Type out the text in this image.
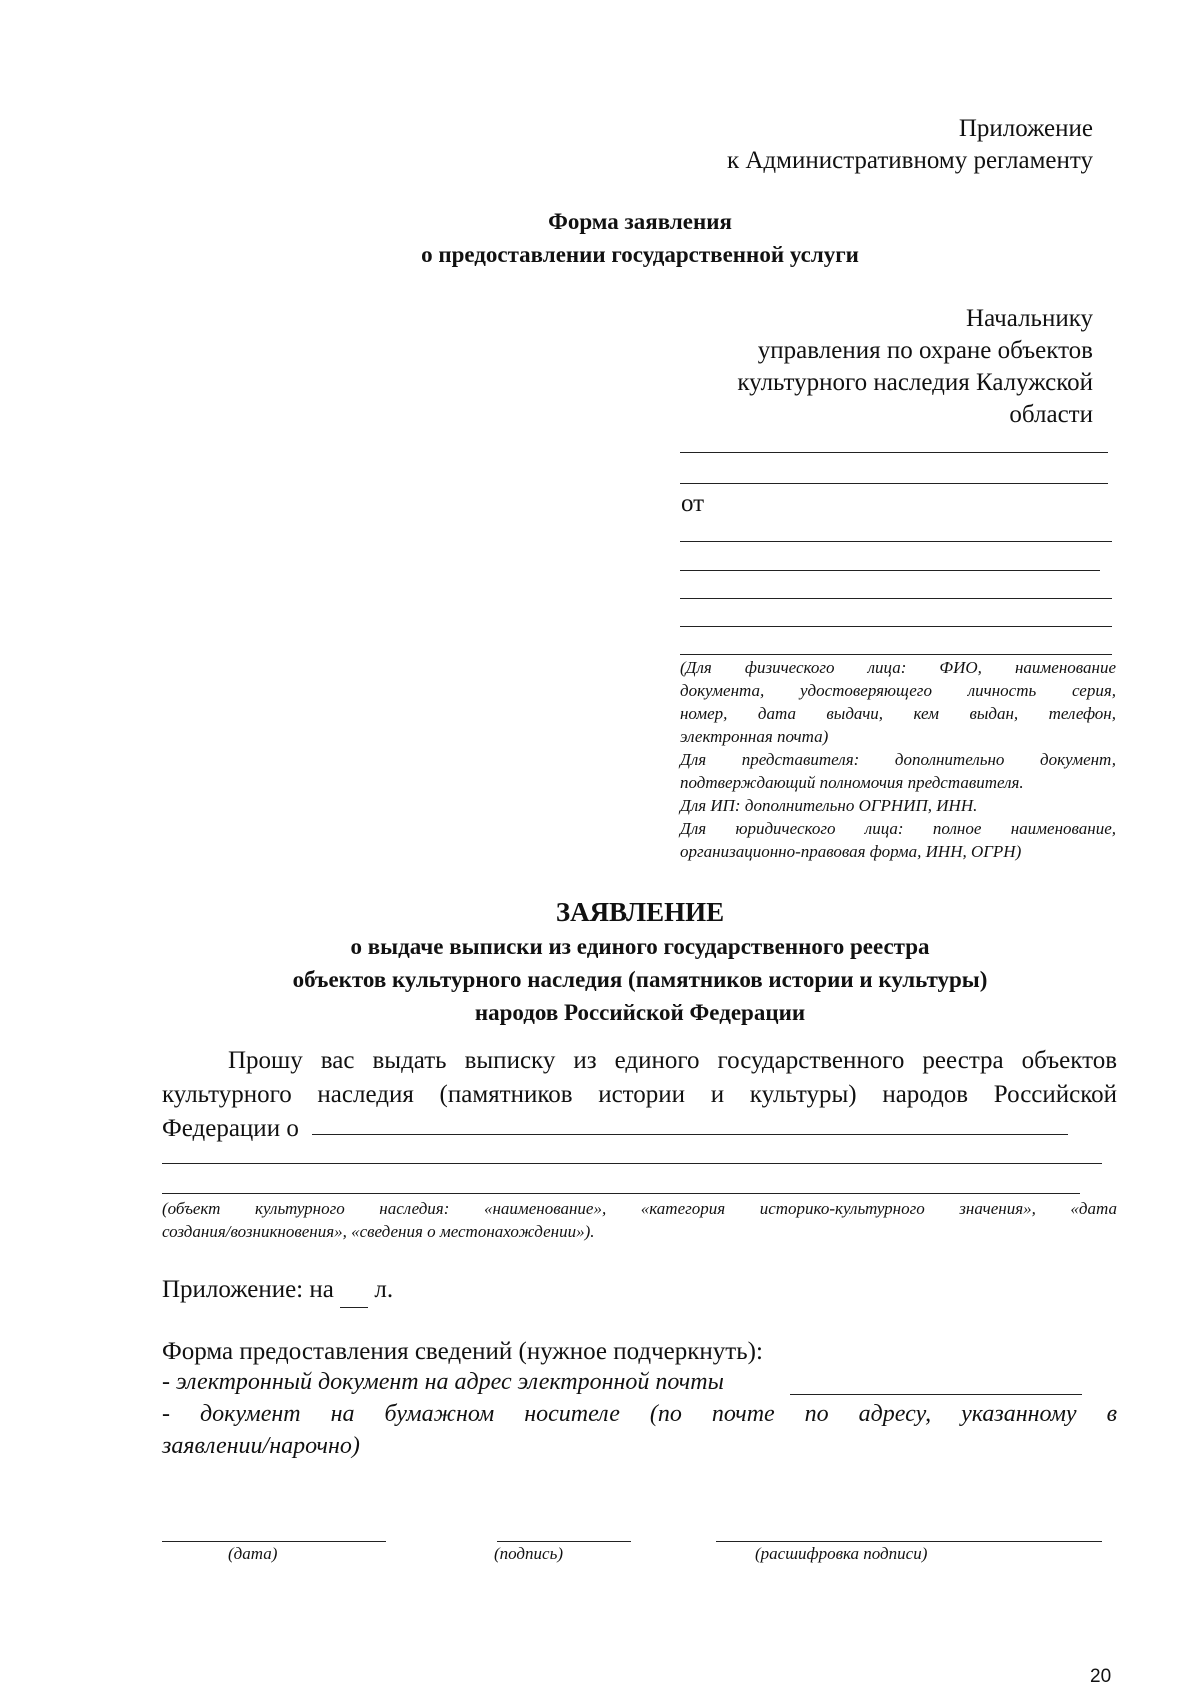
Приложение
к Административному регламенту
Форма заявления
о предоставлении государственной услуги
Начальнику
управления по охране объектов
культурного наследия Калужской
области
от
(Для физического лица: ФИО, наименование
документа, удостоверяющего личность серия,
номер, дата выдачи, кем выдан, телефон,
электронная почта)
Для представителя: дополнительно документ,
подтверждающий полномочия представителя.
Для ИП: дополнительно ОГРНИП, ИНН.
Для юридического лица: полное наименование,
организационно-правовая форма, ИНН, ОГРН)
ЗАЯВЛЕНИЕ
о выдаче выписки из единого государственного реестра
объектов культурного наследия (памятников истории и культуры)
народов Российской Федерации
Прошу вас выдать выписку из единого государственного реестра объектов
культурного наследия (памятников истории и культуры) народов Российской
Федерации о
(объект культурного наследия: «наименование», «категория историко-культурного значения», «дата
создания/возникновения», «сведения о местонахождении»).
Приложение: на л.
Форма предоставления сведений (нужное подчеркнуть):
- электронный документ на адрес электронной почты
- документ на бумажном носителе (по почте по адресу, указанному в
заявлении/нарочно)
(дата)	(подпись)	(расшифровка подписи)
20
